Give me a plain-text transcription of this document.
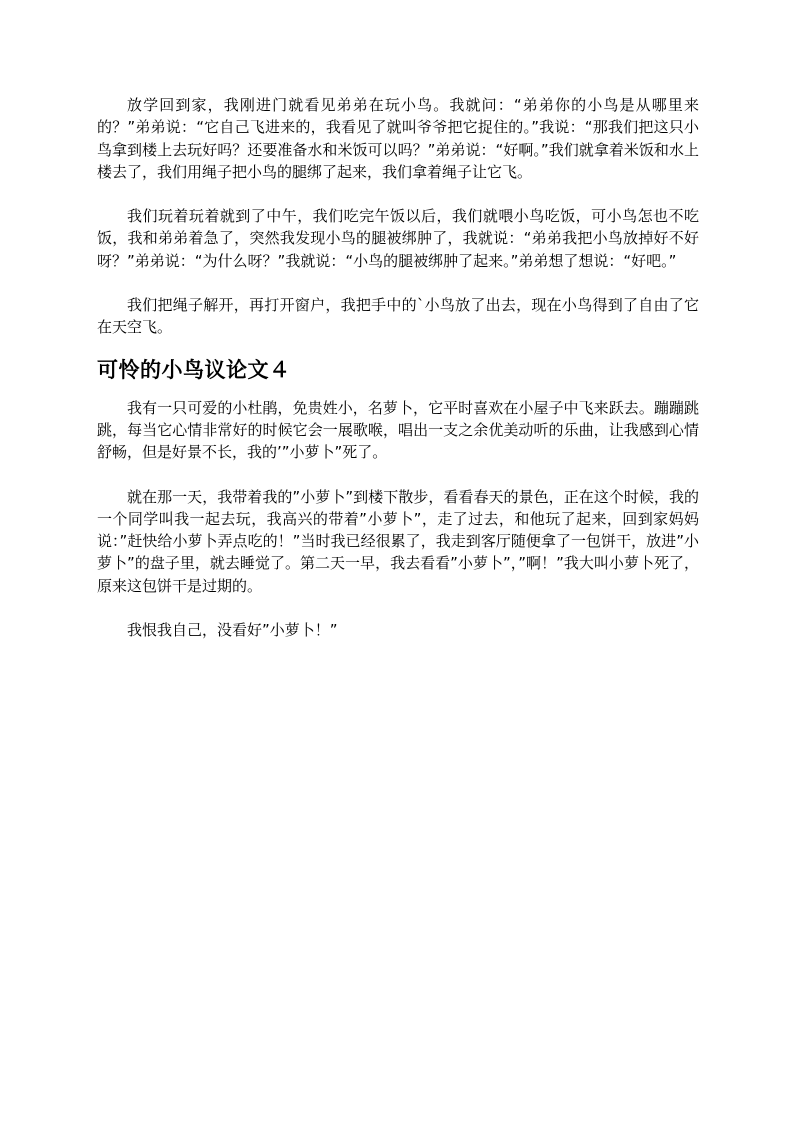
放学回到家，我刚进门就看见弟弟在玩小鸟。我就问：“弟弟你的小鸟是从哪里来的？”弟弟说：“它自己飞进来的，我看见了就叫爷爷把它捉住的。”我说：“那我们把这只小鸟拿到楼上去玩好吗？还要准备水和米饭可以吗？”弟弟说：“好啊。”我们就拿着米饭和水上楼去了，我们用绳子把小鸟的腿绑了起来，我们拿着绳子让它飞。

我们玩着玩着就到了中午，我们吃完午饭以后，我们就喂小鸟吃饭，可小鸟怎也不吃饭，我和弟弟着急了，突然我发现小鸟的腿被绑肿了，我就说：“弟弟我把小鸟放掉好不好呀？”弟弟说：“为什么呀？”我就说：“小鸟的腿被绑肿了起来。”弟弟想了想说：“好吧。”

我们把绳子解开，再打开窗户，我把手中的`小鸟放了出去，现在小鸟得到了自由了它在天空飞。

可怜的小鸟议论文４

我有一只可爱的小杜鹃，免贵姓小，名萝卜，它平时喜欢在小屋子中飞来跃去。蹦蹦跳跳，每当它心情非常好的时候它会一展歌喉，唱出一支之余优美动听的乐曲，让我感到心情舒畅，但是好景不长，我的’”小萝卜”死了。

就在那一天，我带着我的”小萝卜”到楼下散步，看看春天的景色，正在这个时候，我的一个同学叫我一起去玩，我高兴的带着”小萝卜”，走了过去，和他玩了起来，回到家妈妈说：”赶快给小萝卜弄点吃的！”当时我已经很累了，我走到客厅随便拿了一包饼干，放进”小萝卜”的盘子里，就去睡觉了。第二天一早，我去看看”小萝卜”，”啊！”我大叫小萝卜死了，原来这包饼干是过期的。

我恨我自己，没看好”小萝卜！”
